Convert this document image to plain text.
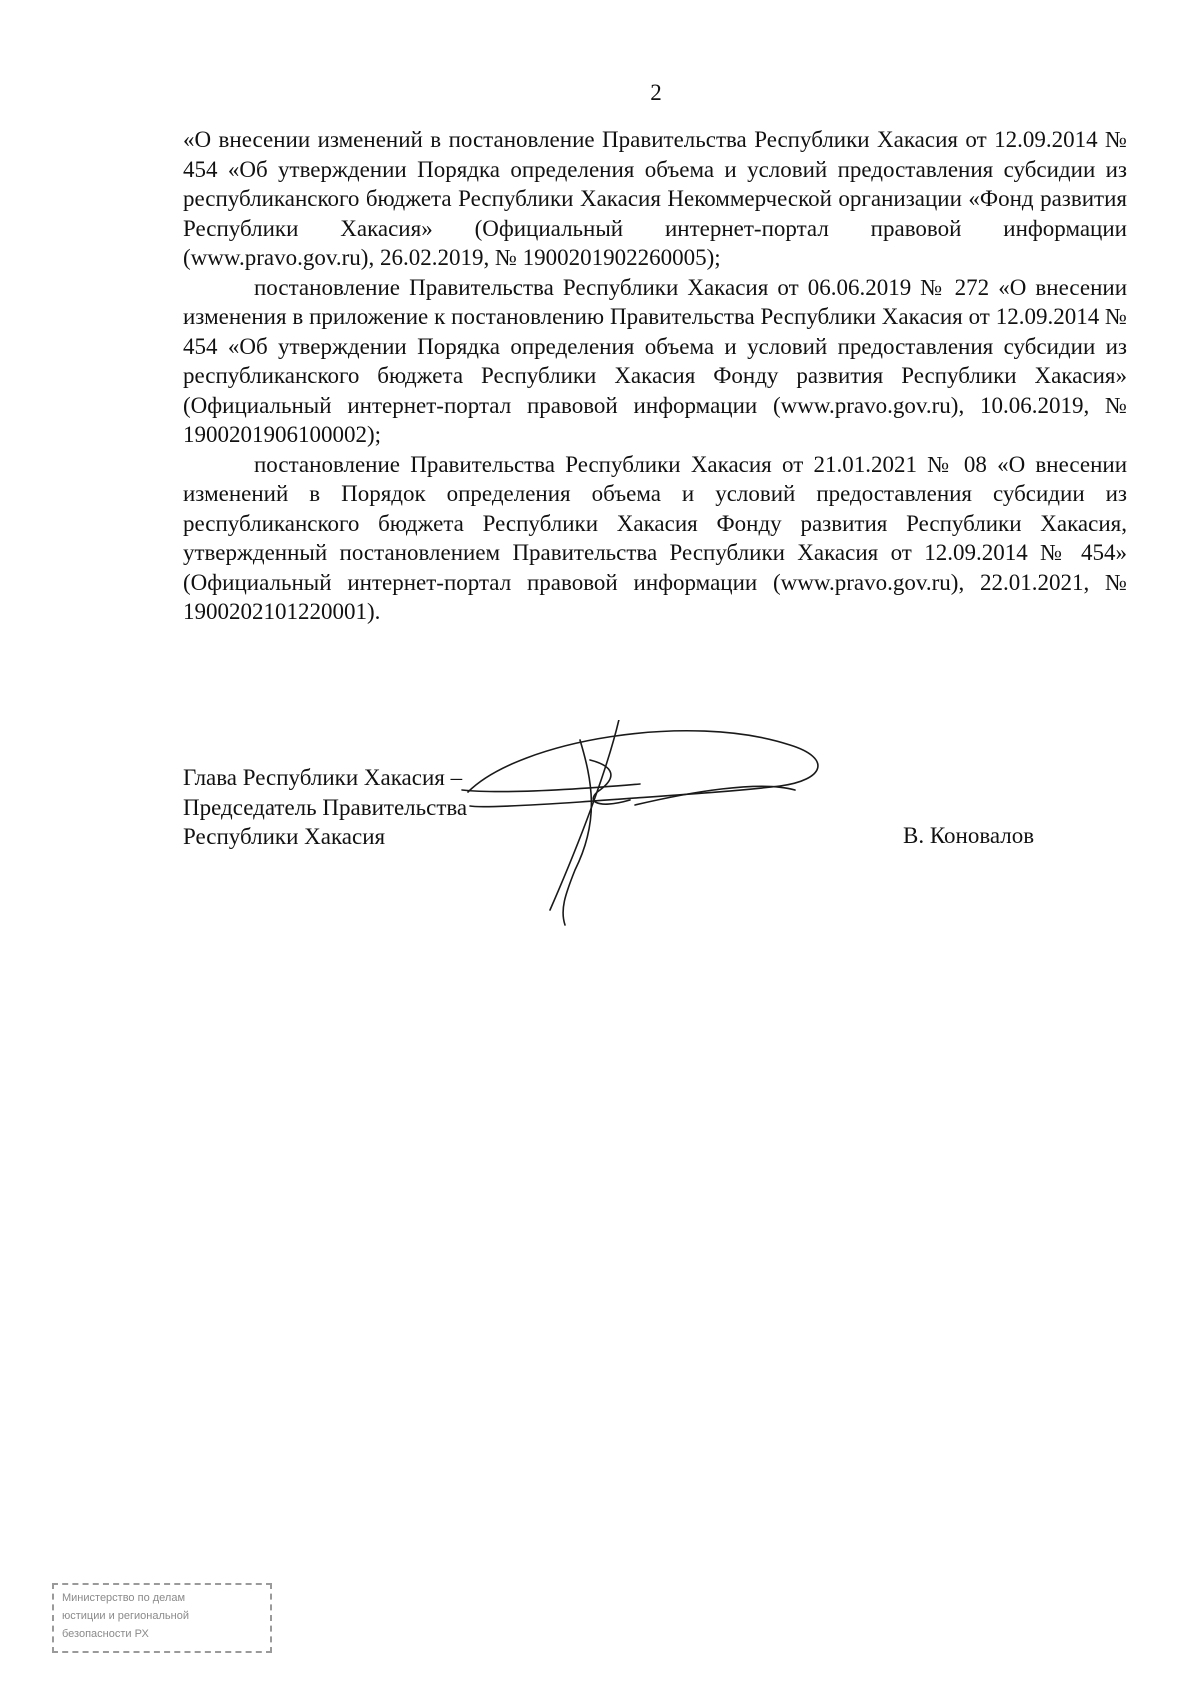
2

«О внесении изменений в постановление Правительства Республики Хакасия от 12.09.2014 № 454 «Об утверждении Порядка определения объема и условий предоставления субсидии из республиканского бюджета Республики Хакасия Некоммерческой организации «Фонд развития Республики Хакасия» (Официальный интернет-портал правовой информации (www.pravo.gov.ru), 26.02.2019, № 1900201902260005);

постановление Правительства Республики Хакасия от 06.06.2019 № 272 «О внесении изменения в приложение к постановлению Правительства Республики Хакасия от 12.09.2014 № 454 «Об утверждении Порядка определения объема и условий предоставления субсидии из республиканского бюджета Республики Хакасия Фонду развития Республики Хакасия» (Официальный интернет-портал правовой информации (www.pravo.gov.ru), 10.06.2019, № 1900201906100002);

постановление Правительства Республики Хакасия от 21.01.2021 № 08 «О внесении изменений в Порядок определения объема и условий предоставления субсидии из республиканского бюджета Республики Хакасия Фонду развития Республики Хакасия, утвержденный постановлением Правительства Республики Хакасия от 12.09.2014 № 454» (Официальный интернет-портал правовой информации (www.pravo.gov.ru), 22.01.2021, № 1900202101220001).

Глава Республики Хакасия –
Председатель Правительства
Республики Хакасия	В. Коновалов
Министерство по делам
юстиции и региональной
безопасности РХ
